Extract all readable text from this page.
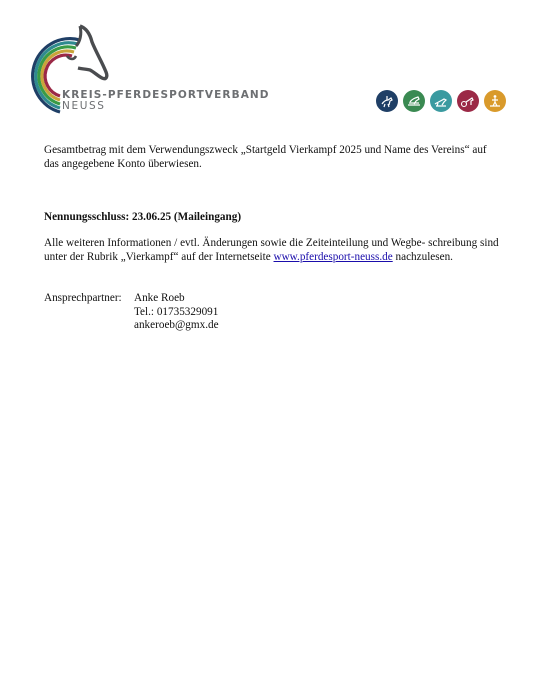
KREIS-PFERDESPORTVERBAND
NEUSS

Gesamtbetrag mit dem Verwendungszweck „Startgeld Vierkampf 2025 und Name des Vereins“ auf das angegebene Konto überwiesen.

Nennungsschluss: 23.06.25 (Maileingang)
Alle weiteren Informationen / evtl. Änderungen sowie die Zeiteinteilung und Wegbe- schreibung sind unter der Rubrik „Vierkampf“ auf der Internetseite www.pferdesport-neuss.de nachzulesen.
Ansprechpartner:	Anke Roeb
Tel.: 01735329091
ankeroeb@gmx.de
